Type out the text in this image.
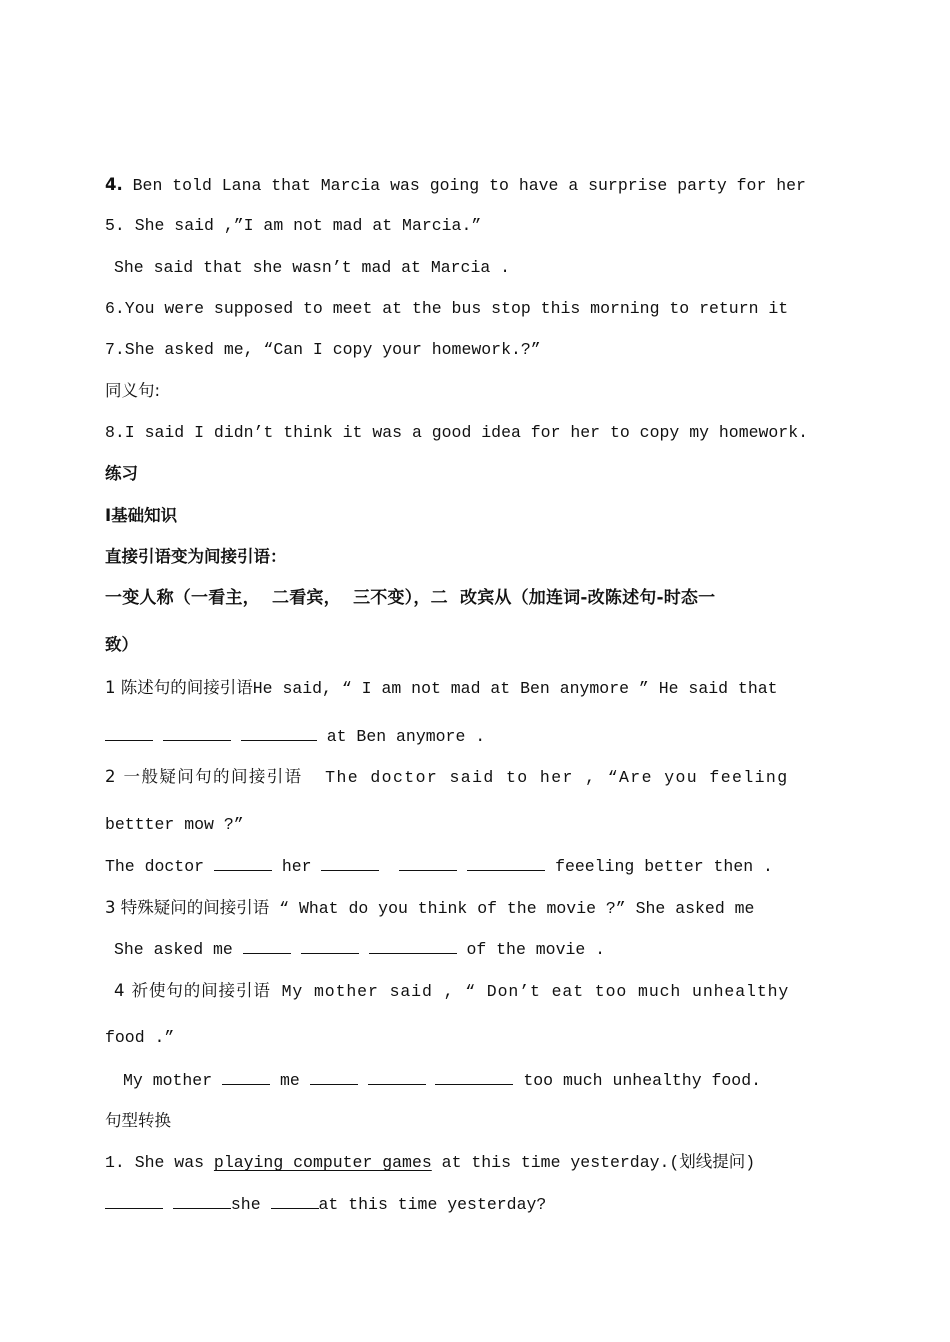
4. Ben told Lana that Marcia was going to have a surprise party for her
5. She said ,”I am not mad at Marcia.”
She said that she wasn’t mad at Marcia .
6.You were supposed to meet at the bus stop this morning to return it
7.She asked me, “Can I copy your homework.?”
同义句:
8.I said I didn’t think it was a good idea for her to copy my homework.
练习
I基础知识
直接引语变为间接引语：
一变人称（一看主，  二看宾，  三不变），二  改宾从（加连词-改陈述句-时态一
致）
1 陈述句的间接引语He said, “ I am not mad at Ben anymore ” He said that
at Ben anymore .
2 一般疑问句的间接引语 The doctor said to her , “Are you feeling
bettter mow ?”
The doctor	her	feeeling better then .
3 特殊疑问的间接引语 “ What do you think of the movie ?” She asked me
She asked me	of the movie .
4 祈使句的间接引语 My mother said , “ Don’t eat too much unhealthy
food .”
My mother	me	too much unhealthy food.
句型转换
1. She was playing computer games at this time yesterday.(划线提问)
she	at this time yesterday?
